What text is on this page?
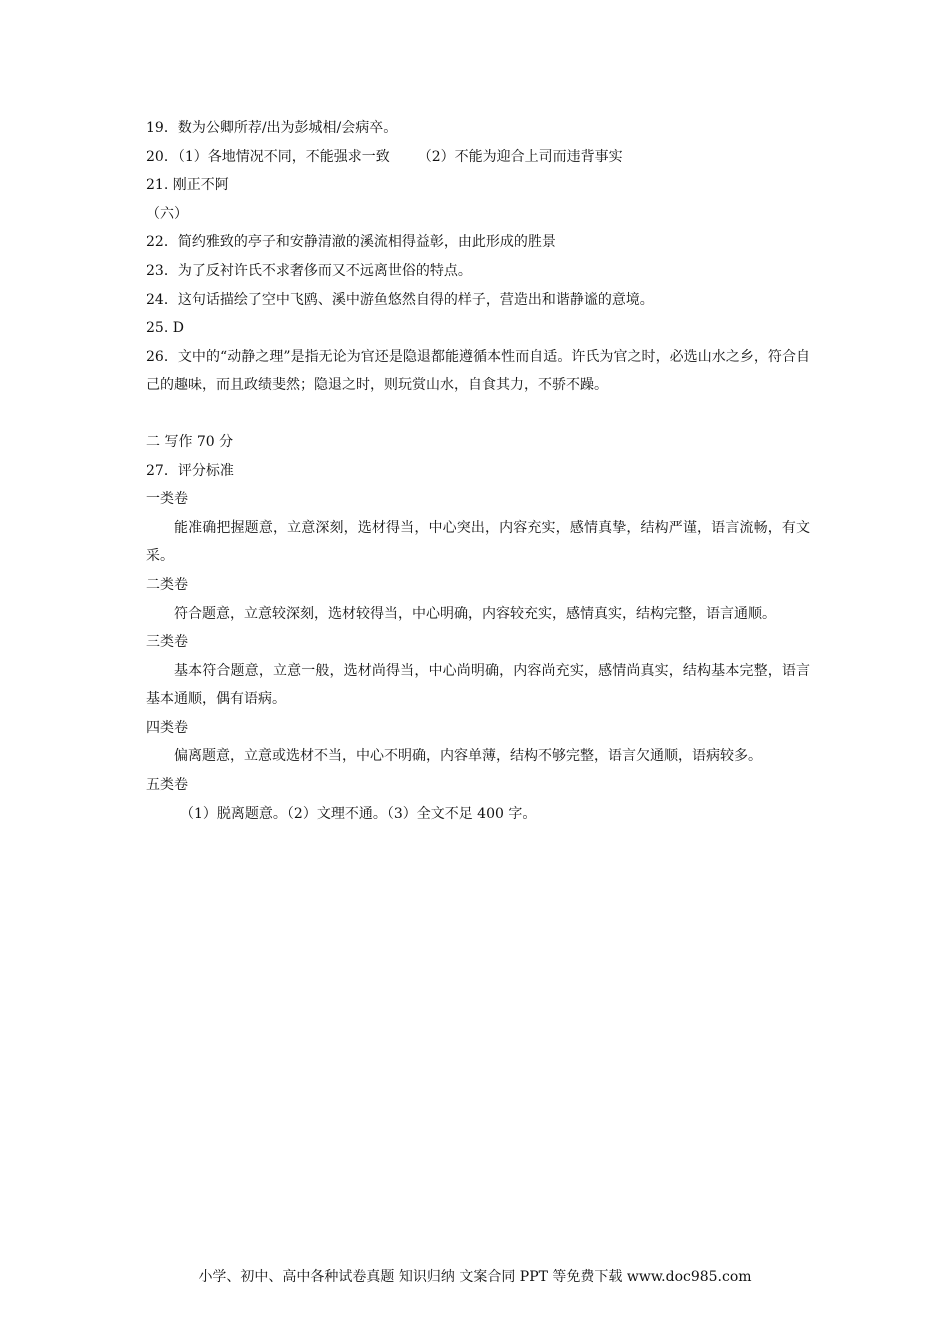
19．数为公卿所荐/出为彭城相/会病卒。
20．（1）各地情况不同，不能强求一致 （2）不能为迎合上司而违背事实
21. 刚正不阿
（六）
22．简约雅致的亭子和安静清澈的溪流相得益彰，由此形成的胜景
23．为了反衬许氏不求奢侈而又不远离世俗的特点。
24．这句话描绘了空中飞鸥、溪中游鱼悠然自得的样子，营造出和谐静谧的意境。
25. D
26．文中的“动静之理”是指无论为官还是隐退都能遵循本性而自适。许氏为官之时，必选山水之乡，符合自己的趣味，而且政绩斐然；隐退之时，则玩赏山水，自食其力，不骄不躁。
二 写作 70 分
27．评分标准
一类卷
能准确把握题意，立意深刻，选材得当，中心突出，内容充实，感情真挚，结构严谨，语言流畅，有文采。
二类卷
符合题意，立意较深刻，选材较得当，中心明确，内容较充实，感情真实，结构完整，语言通顺。
三类卷
基本符合题意，立意一般，选材尚得当，中心尚明确，内容尚充实，感情尚真实，结构基本完整，语言基本通顺，偶有语病。
四类卷
偏离题意，立意或选材不当，中心不明确，内容单薄，结构不够完整，语言欠通顺，语病较多。
五类卷
（1）脱离题意。（2）文理不通。（3）全文不足 400 字。
小学、初中、高中各种试卷真题 知识归纳 文案合同 PPT 等免费下载 www.doc985.com
